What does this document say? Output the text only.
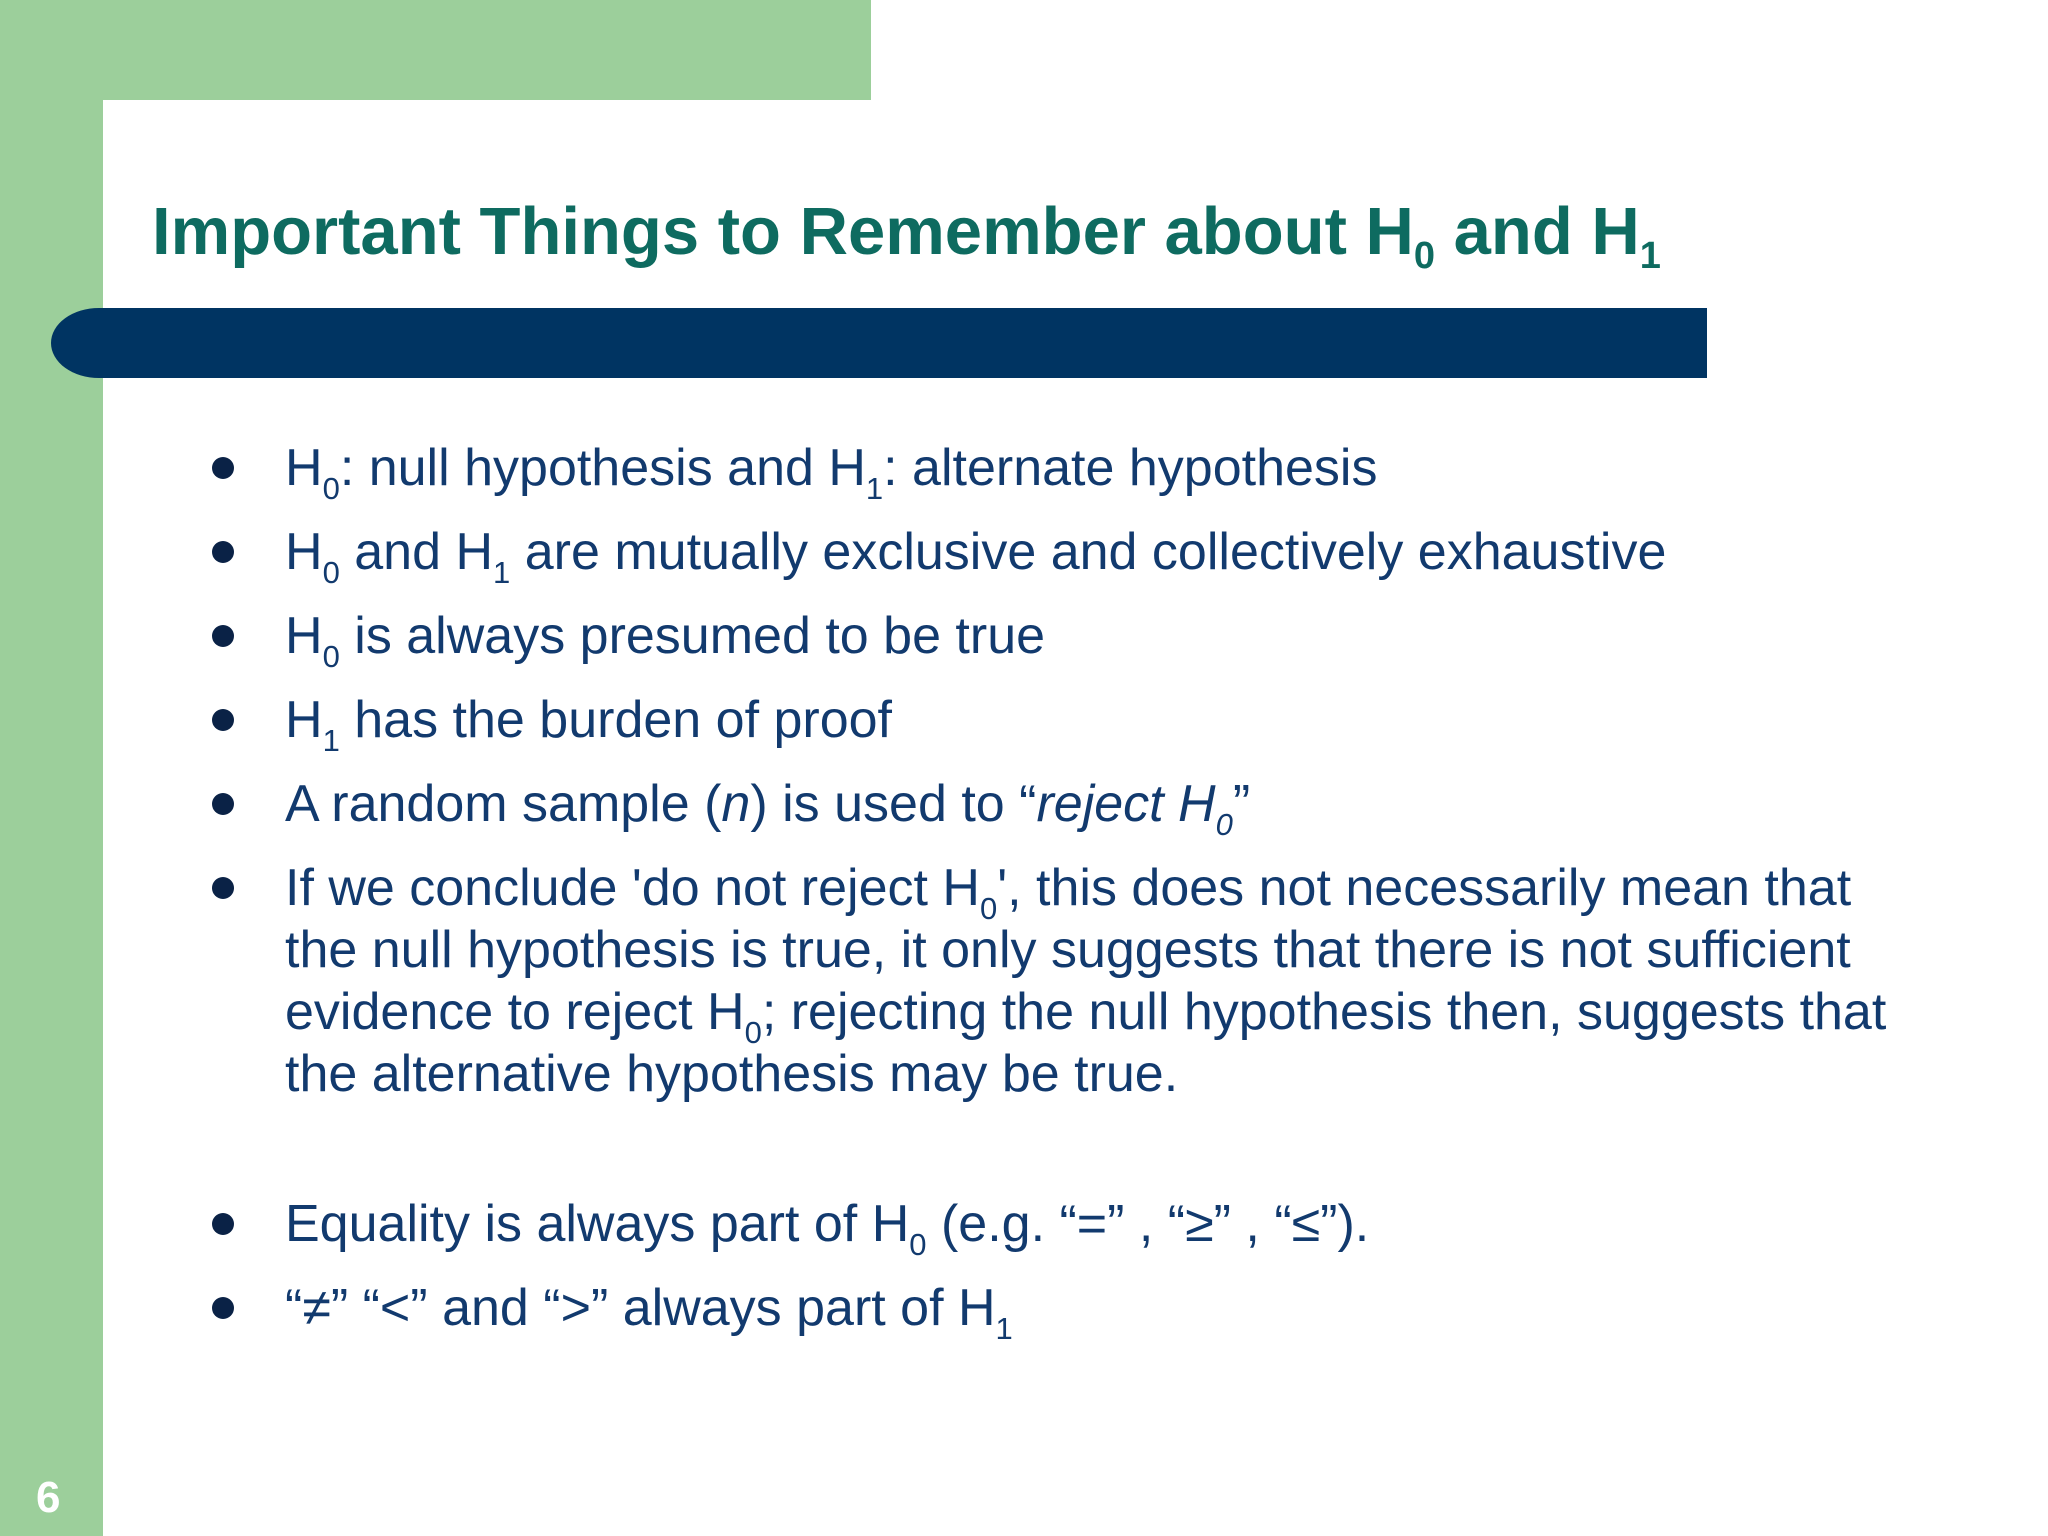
Important Things to Remember about $H_0$ and $H_1$
$H_0$: null hypothesis and $H_1$: alternate hypothesis
$H_0$ and $H_1$ are mutually exclusive and collectively exhaustive
$H_0$ is always presumed to be true
$H_1$ has the burden of proof
A random sample (n) is used to “reject $H_0$”
If we conclude 'do not reject $H_0'$, this does not necessarily mean that the null hypothesis is true, it only suggests that there is not sufficient evidence to reject $H_0$; rejecting the null hypothesis then, suggests that the alternative hypothesis may be true.
Equality is always part of $H_0$ (e.g. “=” , “≥” , “≤”).
“≠” “<” and “>” always part of $H_1$
6
